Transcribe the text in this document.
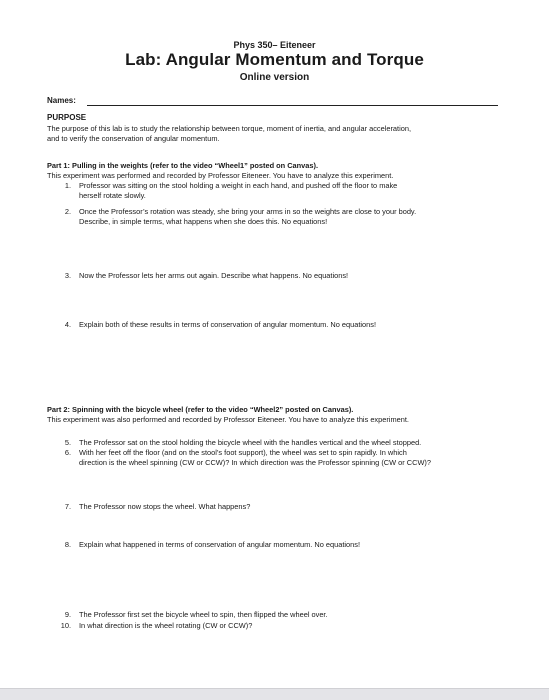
Phys 350– Eiteneer
Lab: Angular Momentum and Torque
Online version
Names:
PURPOSE
The purpose of this lab is to study the relationship between torque, moment of inertia, and angular acceleration,
and to verify the conservation of angular momentum.
Part 1: Pulling in the weights (refer to the video “Wheel1” posted on Canvas).
This experiment was performed and recorded by Professor Eiteneer. You have to analyze this experiment.
1. Professor was sitting on the stool holding a weight in each hand, and pushed off the floor to make
herself rotate slowly.
2. Once the Professor’s rotation was steady, she bring your arms in so the weights are close to your body.
Describe, in simple terms, what happens when she does this. No equations!
3. Now the Professor lets her arms out again. Describe what happens. No equations!
4. Explain both of these results in terms of conservation of angular momentum. No equations!
Part 2: Spinning with the bicycle wheel (refer to the video “Wheel2” posted on Canvas).
This experiment was also performed and recorded by Professor Eiteneer. You have to analyze this experiment.
5. The Professor sat on the stool holding the bicycle wheel with the handles vertical and the wheel stopped.
6. With her feet off the floor (and on the stool’s foot support), the wheel was set to spin rapidly. In which
direction is the wheel spinning (CW or CCW)? In which direction was the Professor spinning (CW or CCW)?
7. The Professor now stops the wheel. What happens?
8. Explain what happened in terms of conservation of angular momentum. No equations!
9. The Professor first set the bicycle wheel to spin, then flipped the wheel over.
10. In what direction is the wheel rotating (CW or CCW)?
